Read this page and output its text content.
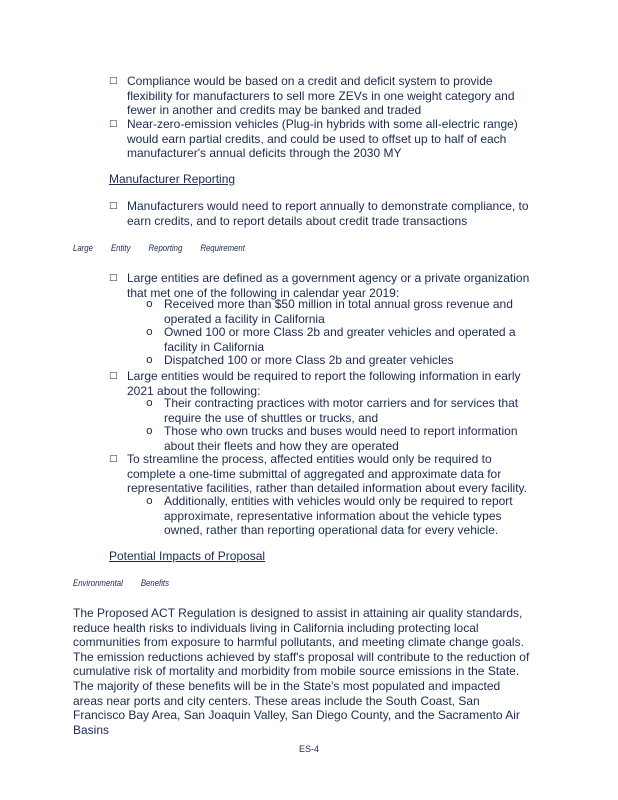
□ Compliance would be based on a credit and deficit system to provide flexibility for manufacturers to sell more ZEVs in one weight category and fewer in another and credits may be banked and traded
□ Near-zero-emission vehicles (Plug-in hybrids with some all-electric range) would earn partial credits, and could be used to offset up to half of each manufacturer's annual deficits through the 2030 MY
Manufacturer Reporting
□ Manufacturers would need to report annually to demonstrate compliance, to earn credits, and to report details about credit trade transactions
Large Entity Reporting Requirement
□ Large entities are defined as a government agency or a private organization that met one of the following in calendar year 2019:
o Received more than $50 million in total annual gross revenue and operated a facility in California
o Owned 100 or more Class 2b and greater vehicles and operated a facility in California
o Dispatched 100 or more Class 2b and greater vehicles
□ Large entities would be required to report the following information in early 2021 about the following:
o Their contracting practices with motor carriers and for services that require the use of shuttles or trucks, and
o Those who own trucks and buses would need to report information about their fleets and how they are operated
□ To streamline the process, affected entities would only be required to complete a one-time submittal of aggregated and approximate data for representative facilities, rather than detailed information about every facility.
o Additionally, entities with vehicles would only be required to report approximate, representative information about the vehicle types owned, rather than reporting operational data for every vehicle.
Potential Impacts of Proposal
Environmental Benefits
The Proposed ACT Regulation is designed to assist in attaining air quality standards, reduce health risks to individuals living in California including protecting local communities from exposure to harmful pollutants, and meeting climate change goals. The emission reductions achieved by staff's proposal will contribute to the reduction of cumulative risk of mortality and morbidity from mobile source emissions in the State. The majority of these benefits will be in the State's most populated and impacted areas near ports and city centers. These areas include the South Coast, San Francisco Bay Area, San Joaquin Valley, San Diego County, and the Sacramento Air Basins
ES-4
